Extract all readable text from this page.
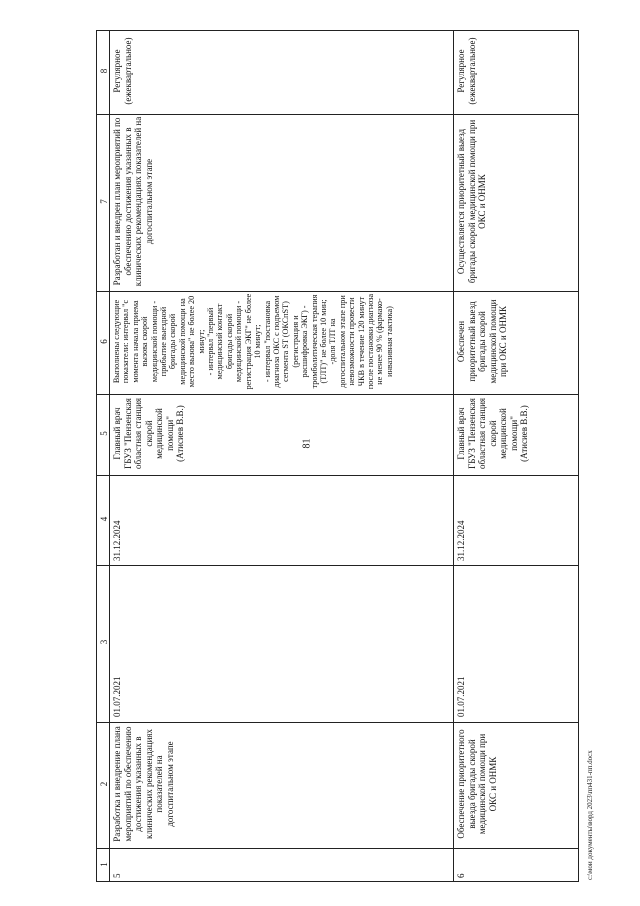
81
1
2
3
4
5
6
7
8
5
Разработка и внедрение плана мероприятий по обеспечению достижения указанных в клинических рекомендациях показателей на догоспитальном этапе
01.07.2021
31.12.2024
Главный врач ГБУЗ "Пензенская областная станция скорой медицинской помощи"
(Атисиев В.В.)
Выполнены следующие показатели: интервал "с момента начала приема вызова скорой медицинской помощи - прибытие выездной бригады скорой медицинской помощи на место вызова" не более 20 минут;
- интервал "первый медицинский контакт бригады скорой медицинской помощи - регистрация ЭКГ" не более 10 минут;
- интервал "постановка диагноза ОКС с подъемом сегмента ST (ОКСпST) (регистрация и расшифровка ЭКГ) - тромболитическая терапия (ТЛТ)" не более 10 мин;
-доля ТЛТ на догоспитальном этапе при невозможности провести ЧКВ в течение 120 минут после постановки диагноза не менее 90 % (фармако-инвазивная тактика)
Разработан и внедрен план мероприятий по обеспечению достижения указанных в клинических рекомендациях показателей на догоспитальном этапе
Регулярное (ежеквартальное)
6
Обеспечение приоритетного выезда бригады скорой медицинской помощи при ОКС и ОНМК
01.07.2021
31.12.2024
Главный врач ГБУЗ "Пензенская областная станция скорой медицинской помощи"
(Атисиев В.В.)
Обеспечен приоритетный выезд бригады скорой медицинской помощи при ОКС и ОНМК
Осуществляется приоритетный выезд бригады скорой медицинской помощи при ОКС и ОНМК
Регулярное (ежеквартальное)
c:\мои документы\ворд 2023\пп431-пп.docx
